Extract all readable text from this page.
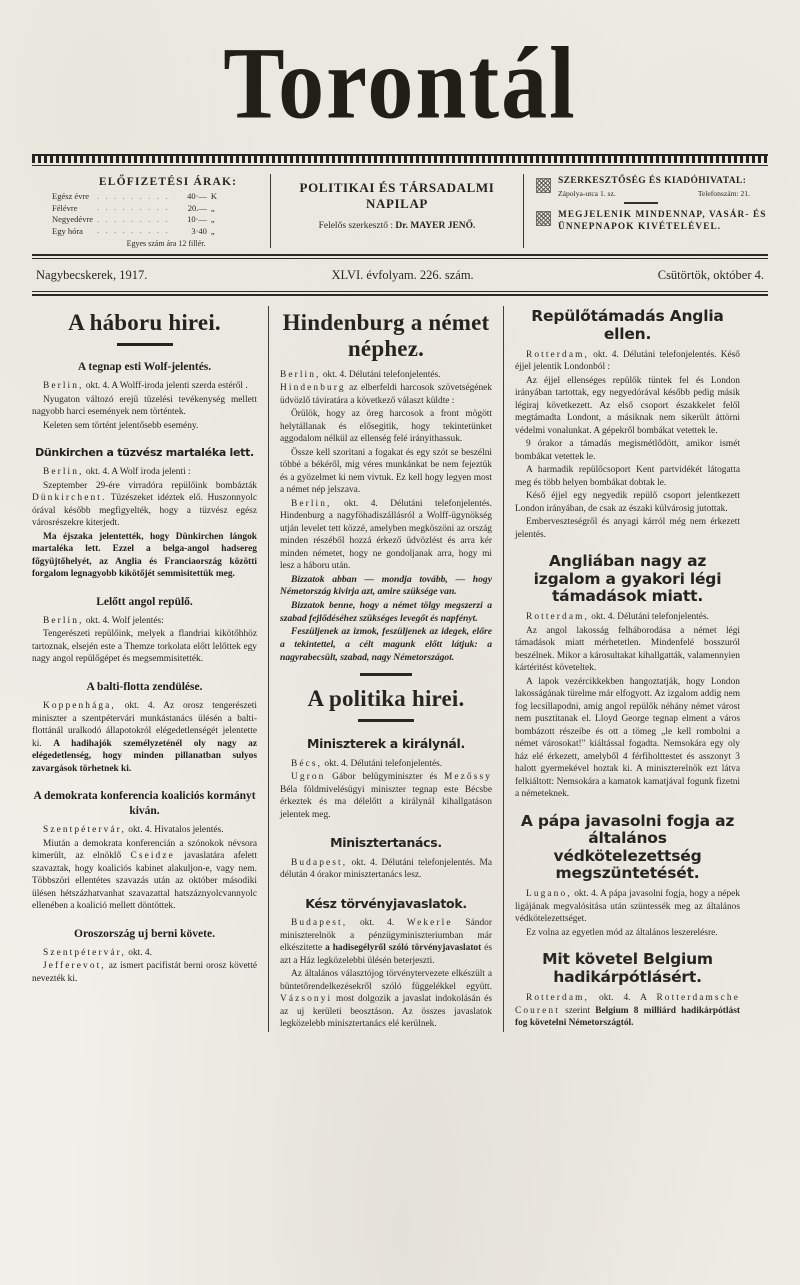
Torontál
ELŐFIZETÉSI ÁRAK:
Egész évre	. . . . . . . . .	40·—	K
Félévre	. . . . . . . . .	20.—	„
Negyedévre	. . . . . . . . .	10·—	„
Egy hóra	. . . . . . . . .	3·40	„
Egyes szám ára 12 fillér.
POLITIKAI ÉS TÁRSADALMI NAPILAP
Felelős szerkesztő : Dr. MAYER JENŐ.
SZERKESZTŐSÉG ÉS KIADÓHIVATAL:
Zápolya-utca 1. sz.	Telefonszám: 21.
MEGJELENIK MINDENNAP, VASÁR- ÉS ÜNNEPNAPOK KIVÉTELÉVEL.
Nagybecskerek, 1917.	XLVI. évfolyam. 226. szám.	Csütörtök, október 4.
A háboru hirei.
A tegnap esti Wolf-jelentés.

Berlin, okt. 4. A Wolff-iroda jelenti szerda estéről .

Nyugaton változó erejű tüzelési tevékenység mellett nagyobb harci események nem történtek.

Keleten sem történt jelentősebb esemény.

Dünkirchen a tüzvész martaléka lett.

Berlin, okt. 4. A Wolf iroda jelenti :

Szeptember 29-ére virradóra repülőink bombázták Dünkirchent. Tüzészeket idéztek elő. Huszonnyolc órával később megfigyelték, hogy a tüzvész egész városrészekre kiterjedt.

Ma éjszaka jelentették, hogy Dünkirchen lángok martaléka lett. Ezzel a belga-angol hadsereg főgyüjtőhelyét, az Anglia és Franciaország közötti forgalom legnagyobb kikötőjét semmisitettük meg.

Lelőtt angol repülő.

Berlin, okt. 4. Wolf jelentés:

Tengerészeti repülőink, melyek a flandriai kikötőhhöz tartoznak, elsején este a Themze torkolata előtt lelőttek egy nagy angol repülőgépet és megsemmisitették.

A balti-flotta zendülése.

Koppenhága, okt. 4. Az orosz tengerészeti miniszter a szentpétervári munkástanács ülésén a balti-flottánál uralkodó állapotokról elégedetlenségét jelentette ki. A hadihajók személyzeténél oly nagy az elégedetlenség, hogy minden pillanatban sulyos zavargások törhetnek ki.

A demokrata konferencia koaliciós kormányt kiván.

Szentpétervár, okt. 4. Hivatalos jelentés.

Miután a demokrata konferencián a szónokok névsora kimerült, az elnöklő Cseidze javaslatára afelett szavaztak, hogy koaliciós kabinet alakuljon-e, vagy nem. Többszöri ellentétes szavazás után az október másodiki ülésen hétszázhatvanhat szavazattal hatszáznyolcvannyolc ellenében a koalició mellett döntöttek.

Oroszország uj berni követe.

Szentpétervár, okt. 4.

Jefferevot, az ismert pacifistát berni orosz követté nevezték ki.

Hindenburg a német néphez.

Berlin, okt. 4. Délutáni telefonjelentés.

Hindenburg az elberfeldi harcosok szövetségének üdvözlő táviratára a következő választ küldte :

Örülök, hogy az öreg harcosok a front mögött helytállanak és elősegitik, hogy tekintetünket aggodalom nélkül az ellenség felé irányithassuk.

Össze kell szoritani a fogakat és egy szót se beszélni többé a békéről, mig véres munkánkat be nem fejeztük és a gyözelmet ki nem vivtuk. Ez kell hogy legyen most a német nép jelszava.

Berlin, okt. 4. Délutáni telefonjelentés. Hindenburg a nagyföhadiszállásról a Wolff-ügynökség utján levelet tett közzé, amelyben megköszöni az ország minden részéből hozzá érkező üdvözlést és arra kér minden németet, hogy ne gondoljanak arra, hogy mi lesz a háboru után.

Bizzatok abban — mondja tovább, — hogy Németország kivirja azt, amire szüksége van.

Bizzatok benne, hogy a német tölgy megszerzi a szabad fejlődéséhez szükséges levegőt és napfényt.

Feszüljenek az izmok, feszüljenek az idegek, előre a tekintettel, a célt magunk előtt látjuk: a nagyrabecsült, szabad, nagy Németországot.

A politika hirei.
Miniszterek a királynál.

Bécs, okt. 4. Délutáni telefonjelentés.

Ugron Gábor belügyminiszter és Mezőssy Béla földmivelésügyi miniszter tegnap este Bécsbe érkeztek és ma délelőtt a királynál kihallgatáson jelentek meg.

Minisztertanács.

Budapest, okt. 4. Délutáni telefonjelentés. Ma délután 4 órakor minisztertanács lesz.

Kész törvényjavaslatok.

Budapest, okt. 4. Wekerle Sándor miniszterelnök a pénzügyminiszteriumban már elkészitette a hadisegélyről szóló törvényjavaslatot és azt a Ház legközelebbi ülésén beterjeszti.

Az általános választójog törvénytervezete elkészült a büntetőrendelkezésekről szóló függelékkel együtt. Vázsonyi most dolgozik a javaslat indokolásán és az uj kerületi beosztáson. Az összes javaslatok legközelebb minisztertanács elé kerülnek.

Repülőtámadás Anglia ellen.

Rotterdam, okt. 4. Délutáni telefonjelentés. Késő éjjel jelentik Londonból :

Az éjjel ellenséges repülők tüntek fel és London irányában tartottak, egy negyedórával később pedig másik légiraj következett. Az első csoport északkelet felől megtámadta Londont, a másiknak nem sikerült áttörni védelmi vonalunkat. A gépekről bombákat vetettek le.

9 órakor a támadás megismétlődött, amikor ismét bombákat vetettek le.

A harmadik repülőcsoport Kent partvidékét látogatta meg és több helyen bombákat dobtak le.

Késő éjjel egy negyedik repülő csoport jelentkezett London irányában, de csak az északi külvárosig jutottak.

Emberveszteségről és anyagi kárról még nem érkezett jelentés.

Angliában nagy az izgalom a gyakori légi támadások miatt.

Rotterdam, okt. 4. Délutáni telefonjelentés.

Az angol lakosság felháborodása a német légi támadások miatt mérhetetlen. Mindenfelé bosszuról beszélnek. Mikor a károsultakat kihallgatták, valamennyien kártéritést követeltek.

A lapok vezércikkekben hangoztatják, hogy London lakosságának türelme már elfogyott. Az izgalom addig nem fog lecsillapodni, amig angol repülők néhány német várost nem pusztitanak el. Lloyd George tegnap elment a város bombázott részeibe és ott a tömeg „le kell rombolni a német városokat!" kiáltással fogadta. Nemsokára egy oly ház elé érkezett, amelyből 4 férfiholttestet és asszonyt 3 halott gyermekével hoztak ki. A miniszterelnök ezt látva felkiáltott: Nemsokára a kamatok kamatjával fogunk fizetni a németeknek.

A pápa javasolni fogja az általános védkötelezettség megszüntetését.

Lugano, okt. 4. A pápa javasolni fogja, hogy a népek ligájának megvalósitása után szüntessék meg az általános védkötelezettséget.

Ez volna az egyetlen mód az általános leszerelésre.

Mit követel Belgium hadikárpótlásért.

Rotterdam, okt. 4. A Rotterdamsche Courent szerint Belgium 8 milliárd hadikárpótlást fog követelni Németországtól.
